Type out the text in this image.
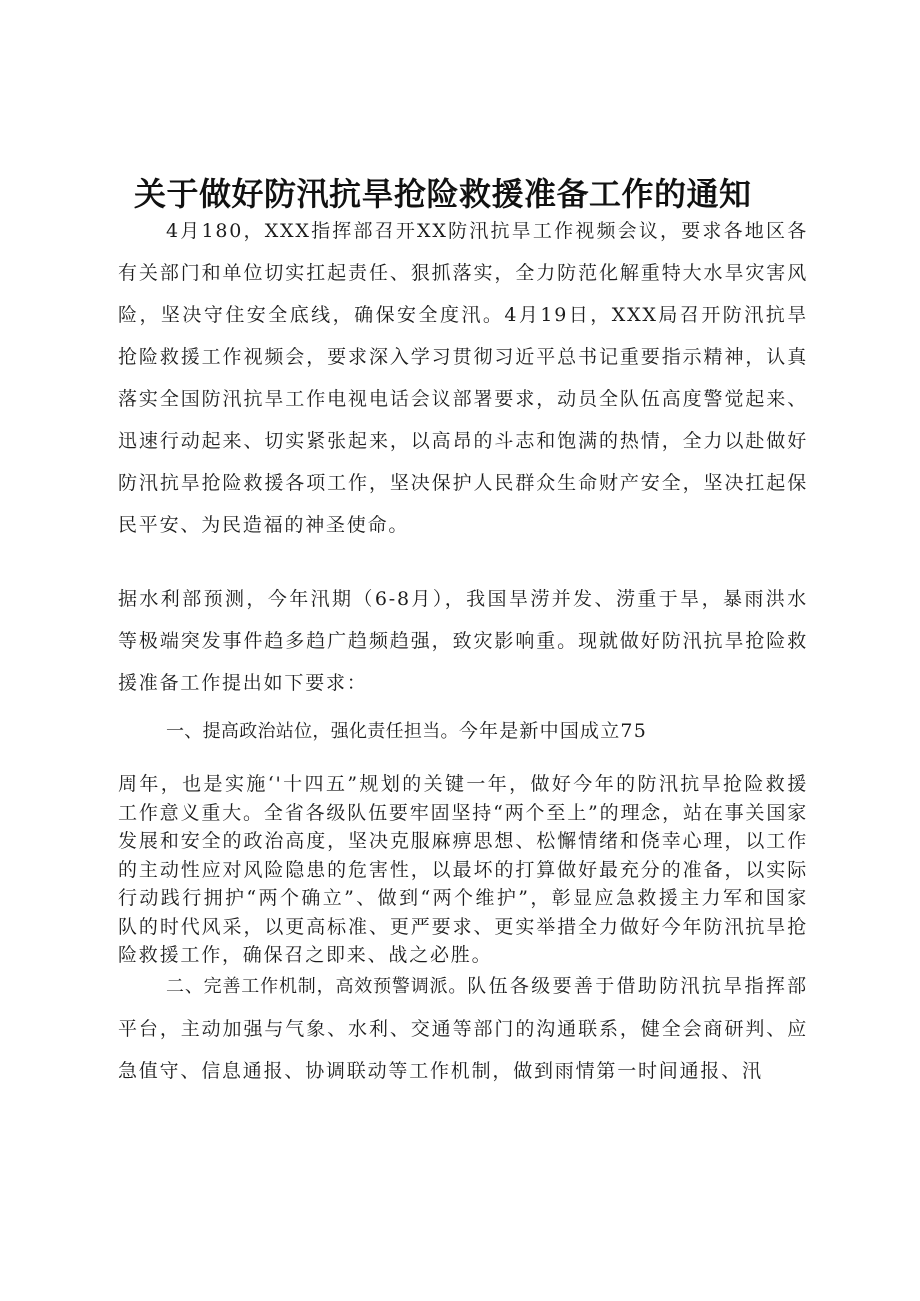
关于做好防汛抗旱抢险救援准备工作的通知

4月180，XXX指挥部召开XX防汛抗旱工作视频会议，要求各地区各有关部门和单位切实扛起责任、狠抓落实，全力防范化解重特大水旱灾害风险，坚决守住安全底线，确保安全度汛。4月19日，XXX局召开防汛抗旱抢险救援工作视频会，要求深入学习贯彻习近平总书记重要指示精神，认真落实全国防汛抗旱工作电视电话会议部署要求，动员全队伍高度警觉起来、迅速行动起来、切实紧张起来，以高昂的斗志和饱满的热情，全力以赴做好防汛抗旱抢险救援各项工作，坚决保护人民群众生命财产安全，坚决扛起保民平安、为民造福的神圣使命。

据水利部预测，今年汛期（6-8月），我国旱涝并发、涝重于旱，暴雨洪水等极端突发事件趋多趋广趋频趋强，致灾影响重。现就做好防汛抗旱抢险救援准备工作提出如下要求：

一、提高政治站位，强化责任担当。今年是新中国成立75

周年，也是实施‘'十四五”规划的关键一年，做好今年的防汛抗旱抢险救援工作意义重大。全省各级队伍要牢固坚持“两个至上”的理念，站在事关国家发展和安全的政治高度，坚决克服麻痹思想、松懈情绪和侥幸心理，以工作的主动性应对风险隐患的危害性，以最坏的打算做好最充分的准备，以实际行动践行拥护“两个确立”、做到“两个维护”，彰显应急救援主力军和国家队的时代风采，以更高标准、更严要求、更实举措全力做好今年防汛抗旱抢险救援工作，确保召之即来、战之必胜。

二、完善工作机制，高效预警调派。队伍各级要善于借助防汛抗旱指挥部平台，主动加强与气象、水利、交通等部门的沟通联系，健全会商研判、应急值守、信息通报、协调联动等工作机制，做到雨情第一时间通报、汛
